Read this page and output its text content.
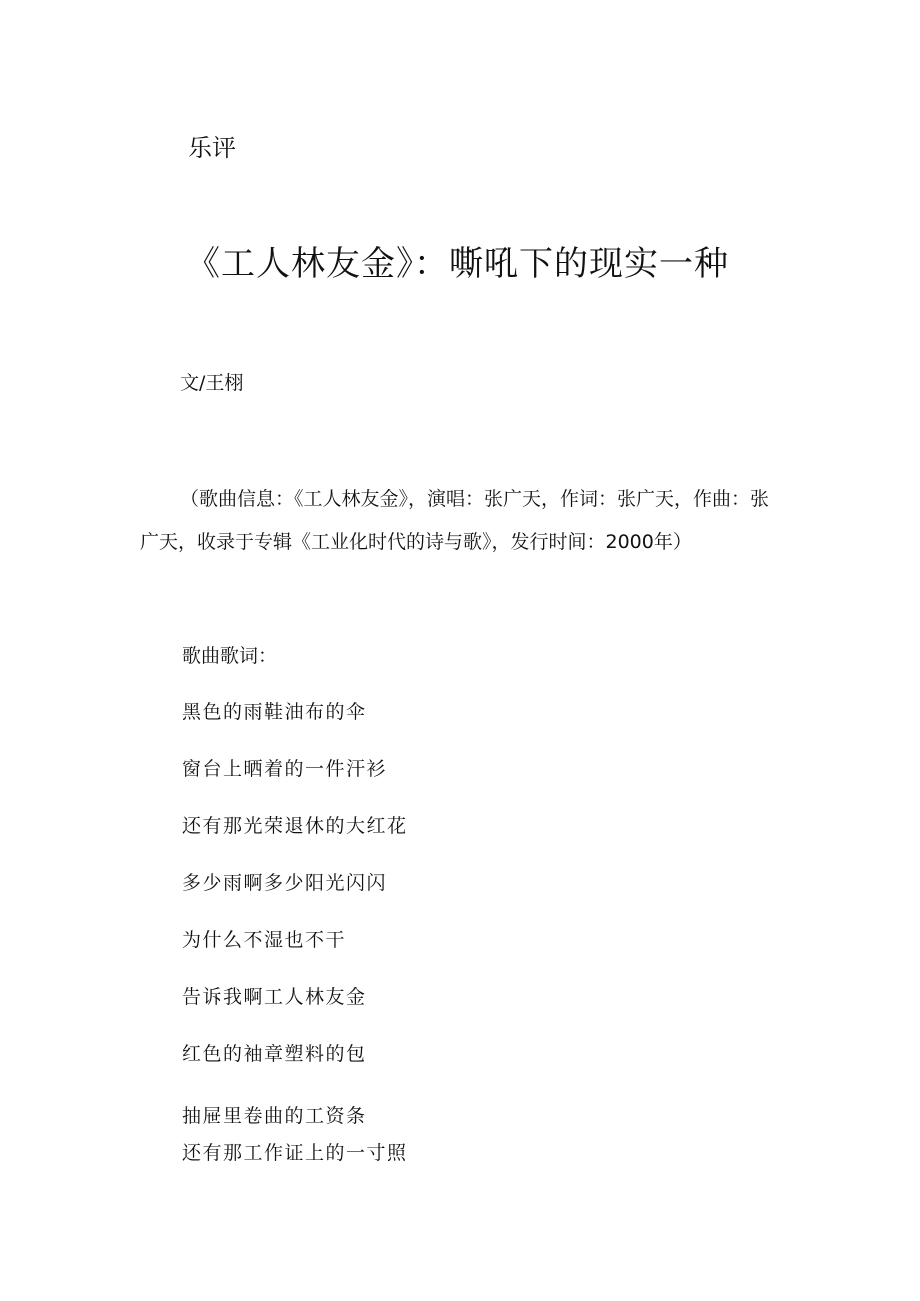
乐评
《工人林友金》：嘶吼下的现实一种
文/王栩

（歌曲信息：《工人林友金》，演唱：张广天，作词：张广天，作曲：张广天，收录于专辑《工业化时代的诗与歌》，发行时间：2000年）

歌曲歌词：
黑色的雨鞋油布的伞
窗台上晒着的一件汗衫
还有那光荣退休的大红花
多少雨啊多少阳光闪闪
为什么不湿也不干
告诉我啊工人林友金
红色的袖章塑料的包
抽屉里卷曲的工资条
还有那工作证上的一寸照
